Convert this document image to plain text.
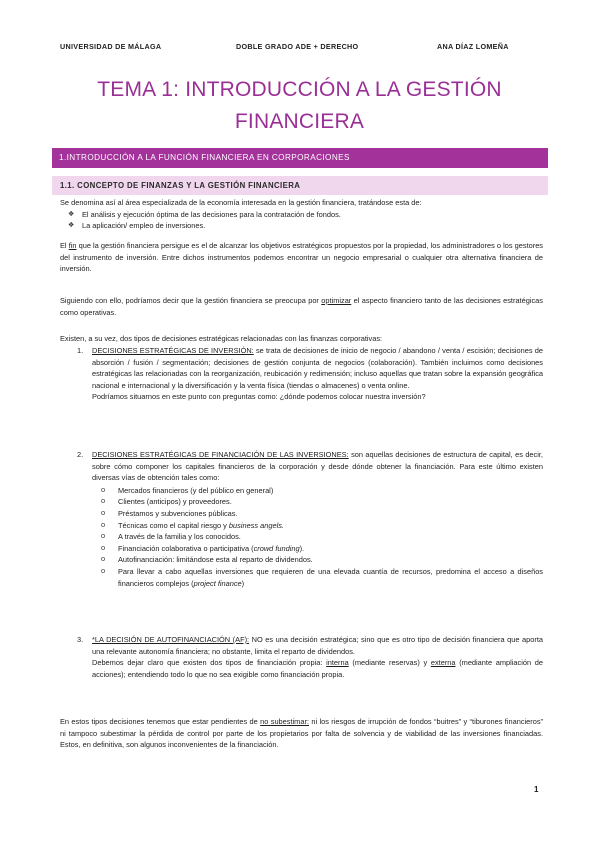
UNIVERSIDAD DE MÁLAGA	DOBLE GRADO ADE + DERECHO	ANA DÍAZ LOMEÑA
TEMA 1: INTRODUCCIÓN A LA GESTIÓN
FINANCIERA
1.INTRODUCCIÓN A LA FUNCIÓN FINANCIERA EN CORPORACIONES
1.1. CONCEPTO DE FINANZAS Y LA GESTIÓN FINANCIERA

Se denomina así al área especializada de la economía interesada en la gestión financiera, tratándose esta de:

❖ El análisis y ejecución óptima de las decisiones para la contratación de fondos.
❖ La aplicación/ empleo de inversiones.

El fin que la gestión financiera persigue es el de alcanzar los objetivos estratégicos propuestos por la propiedad, los administradores o los gestores del instrumento de inversión. Entre dichos instrumentos podemos encontrar un negocio empresarial o cualquier otra alternativa financiera de inversión.

Siguiendo con ello, podríamos decir que la gestión financiera se preocupa por optimizar el aspecto financiero tanto de las decisiones estratégicas como operativas.

Existen, a su vez, dos tipos de decisiones estratégicas relacionadas con las finanzas corporativas:

1. DECISIONES ESTRATÉGICAS DE INVERSIÓN: se trata de decisiones de inicio de negocio / abandono / venta / escisión; decisiones de absorción / fusión / segmentación; decisiones de gestión conjunta de negocios (colaboración). También incluimos como decisiones estratégicas las relacionadas con la reorganización, reubicación y redimensión; incluso aquellas que tratan sobre la expansión geográfica nacional e internacional y la diversificación y la venta física (tiendas o almacenes) o venta online.
Podríamos situarnos en este punto con preguntas como: ¿dónde podemos colocar nuestra inversión?
2. DECISIONES ESTRATÉGICAS DE FINANCIACIÓN DE LAS INVERSIONES: son aquellas decisiones de estructura de capital, es decir, sobre cómo componer los capitales financieros de la corporación y desde dónde obtener la financiación. Para este último existen diversas vías de obtención tales como:
o Mercados financieros (y del público en general)
o Clientes (anticipos) y proveedores.
o Préstamos y subvenciones públicas.
o Técnicas como el capital riesgo y business angels.
o A través de la familia y los conocidos.
o Financiación colaborativa o participativa (crowd funding).
o Autofinanciación: limitándose esta al reparto de dividendos.
o Para llevar a cabo aquellas inversiones que requieren de una elevada cuantía de recursos, predomina el acceso a diseños financieros complejos (project finance)
3. *LA DECISIÓN DE AUTOFINANCIACIÓN (AF): NO es una decisión estratégica; sino que es otro tipo de decisión financiera que aporta una relevante autonomía financiera; no obstante, limita el reparto de dividendos.
Debemos dejar claro que existen dos tipos de financiación propia: interna (mediante reservas) y externa (mediante ampliación de acciones); entendiendo todo lo que no sea exigible como financiación propia.

En estos tipos decisiones tenemos que estar pendientes de no subestimar: ni los riesgos de irrupción de fondos “buitres” y “tiburones financieros” ni tampoco subestimar la pérdida de control por parte de los propietarios por falta de solvencia y de viabilidad de las inversiones financiadas. Estos, en definitiva, son algunos inconvenientes de la financiación.

1
